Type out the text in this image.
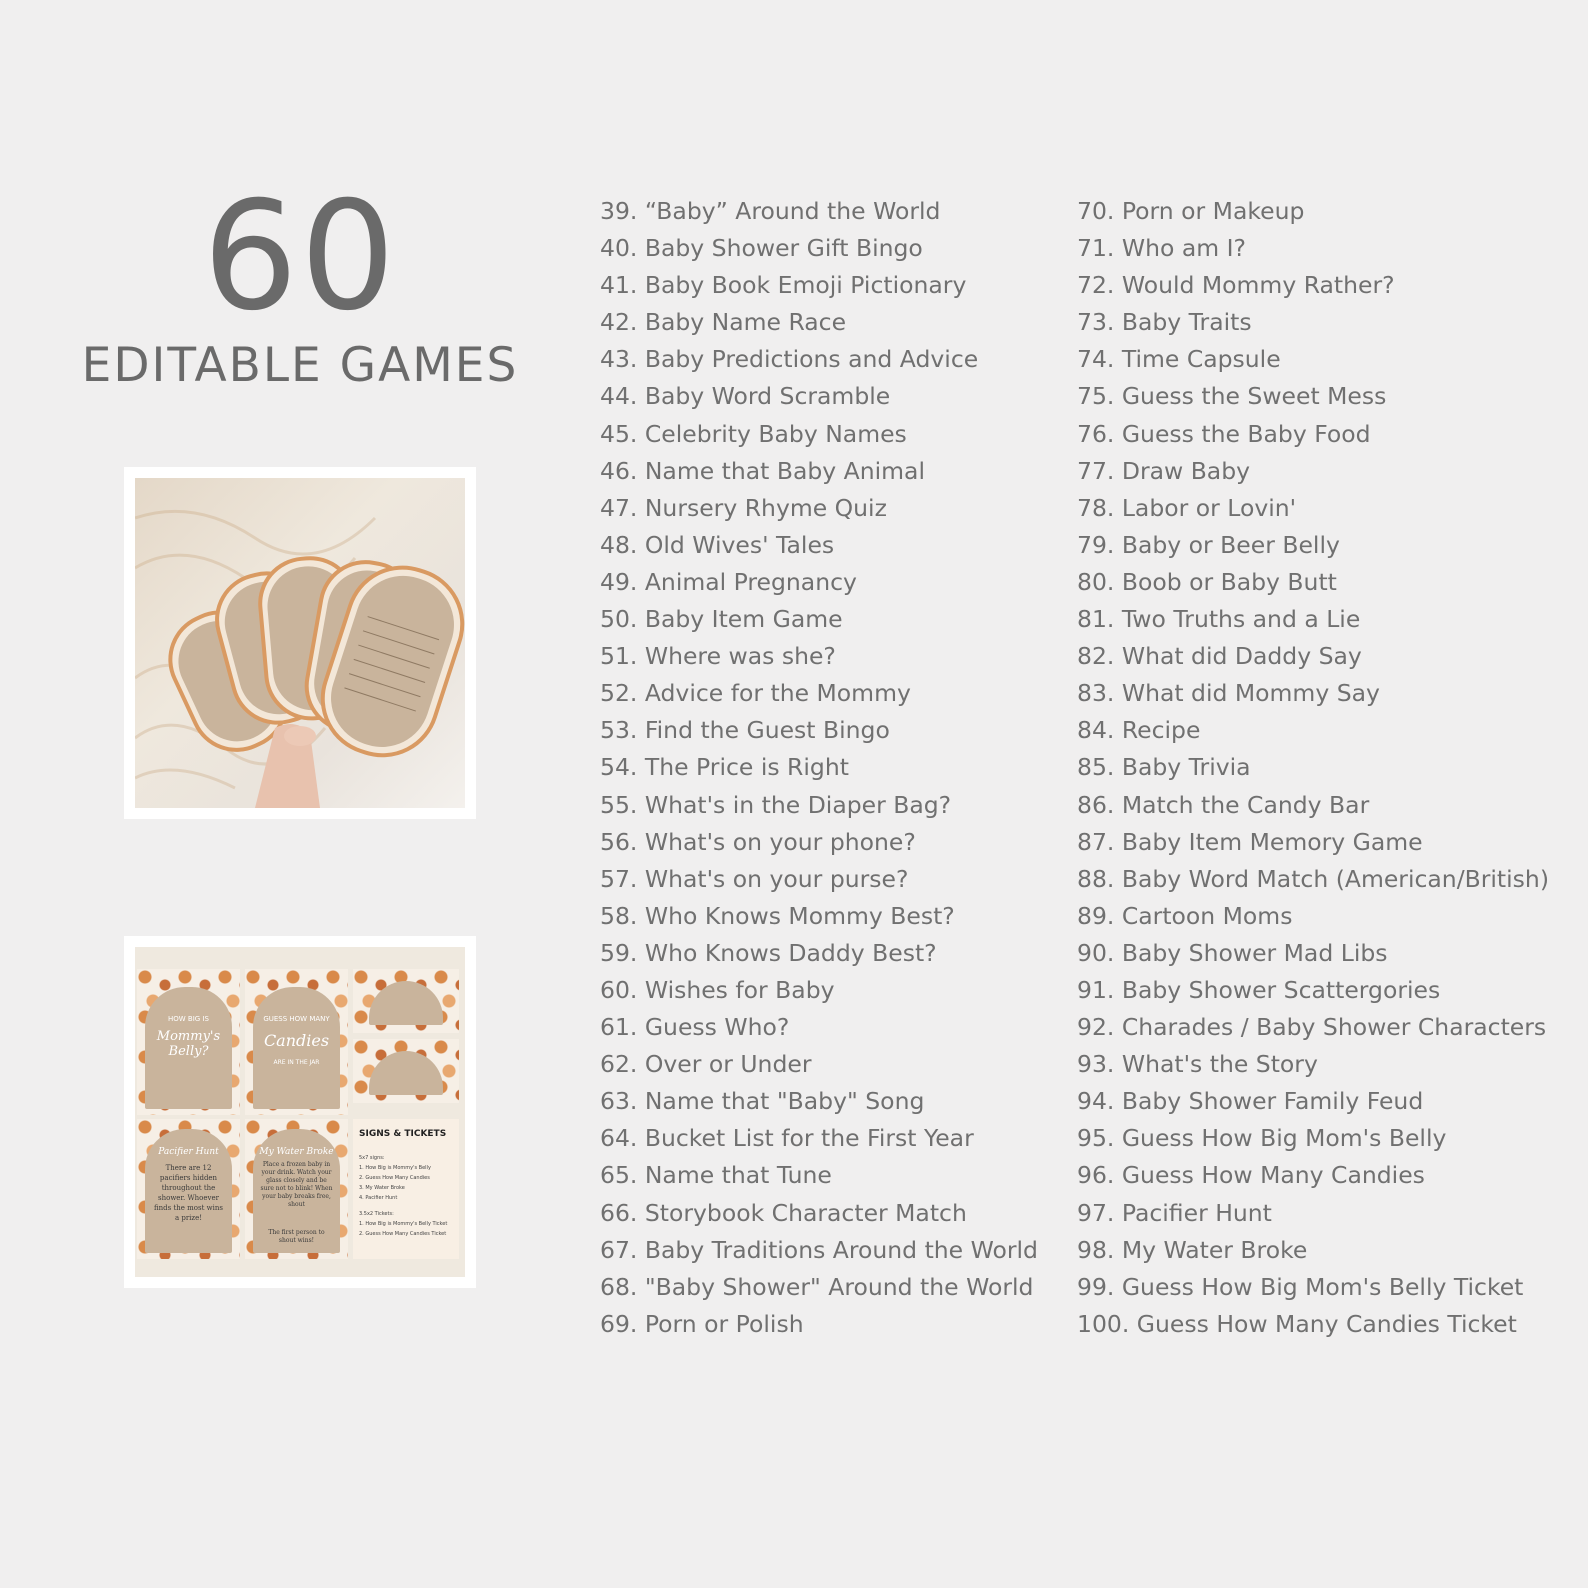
60
EDITABLE GAMES
HOW BIG IS
Mommy's Belly?
GUESS HOW MANY
Candies
ARE IN THE JAR
Pacifier Hunt
There are 12 pacifiers hidden throughout the shower. Whoever finds the most wins a prize!
My Water Broke
Place a frozen baby in your drink. Watch your glass closely and be sure not to blink! When your baby breaks free, shout
The first person to shout wins!
SIGNS & TICKETS
5x7 signs:
1. How Big is Mommy's Belly
2. Guess How Many Candies
3. My Water Broke
4. Pacifier Hunt
3.5x2 Tickets:
1. How Big is Mommy's Belly Ticket
2. Guess How Many Candies Ticket
39. “Baby” Around the World
40. Baby Shower Gift Bingo
41. Baby Book Emoji Pictionary
42. Baby Name Race
43. Baby Predictions and Advice
44. Baby Word Scramble
45. Celebrity Baby Names
46. Name that Baby Animal
47. Nursery Rhyme Quiz
48. Old Wives' Tales
49. Animal Pregnancy
50. Baby Item Game
51. Where was she?
52. Advice for the Mommy
53. Find the Guest Bingo
54. The Price is Right
55. What's in the Diaper Bag?
56. What's on your phone?
57. What's on your purse?
58. Who Knows Mommy Best?
59. Who Knows Daddy Best?
60. Wishes for Baby
61. Guess Who?
62. Over or Under
63. Name that "Baby" Song
64. Bucket List for the First Year
65. Name that Tune
66. Storybook Character Match
67. Baby Traditions Around the World
68. "Baby Shower" Around the World
69. Porn or Polish
70. Porn or Makeup
71. Who am I?
72. Would Mommy Rather?
73. Baby Traits
74. Time Capsule
75. Guess the Sweet Mess
76. Guess the Baby Food
77. Draw Baby
78. Labor or Lovin'
79. Baby or Beer Belly
80. Boob or Baby Butt
81. Two Truths and a Lie
82. What did Daddy Say
83. What did Mommy Say
84. Recipe
85. Baby Trivia
86. Match the Candy Bar
87. Baby Item Memory Game
88. Baby Word Match (American/British)
89. Cartoon Moms
90. Baby Shower Mad Libs
91. Baby Shower Scattergories
92. Charades / Baby Shower Characters
93. What's the Story
94. Baby Shower Family Feud
95. Guess How Big Mom's Belly
96. Guess How Many Candies
97. Pacifier Hunt
98. My Water Broke
99. Guess How Big Mom's Belly Ticket
100. Guess How Many Candies Ticket
